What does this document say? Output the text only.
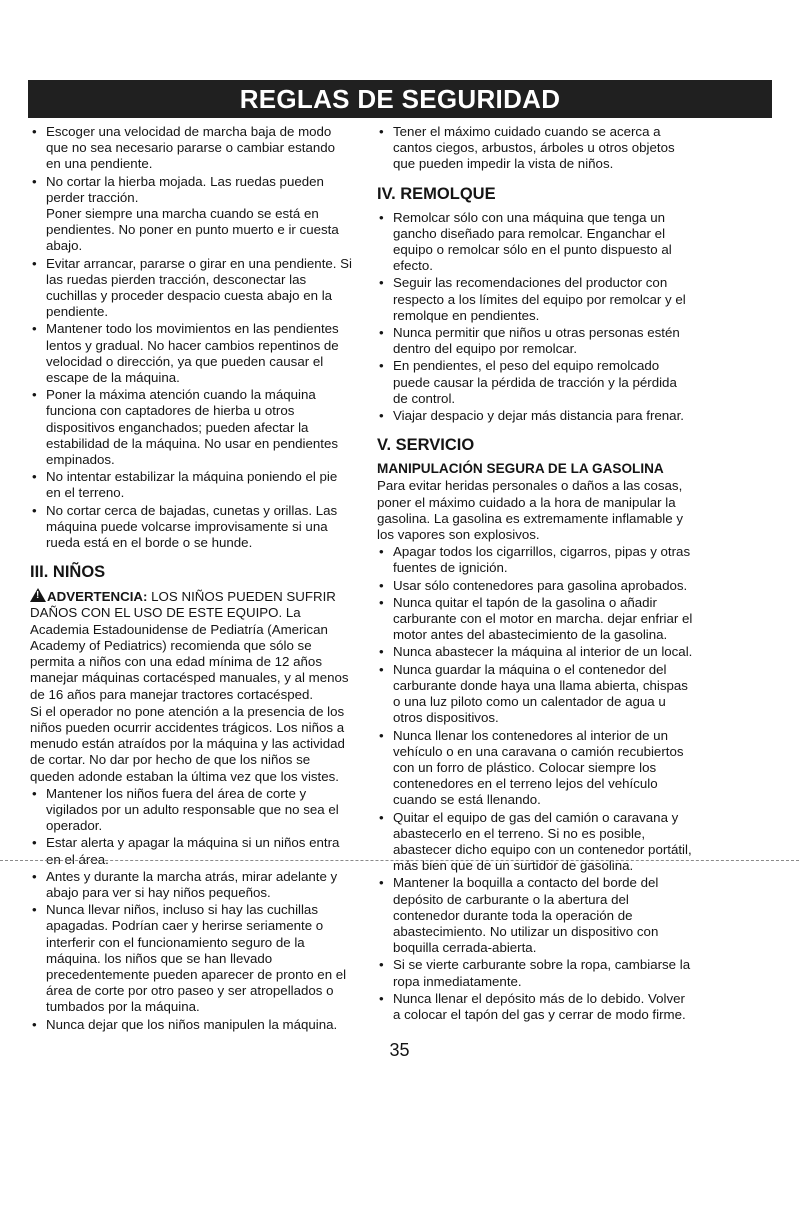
REGLAS DE SEGURIDAD

• Escoger una velocidad de marcha baja de modo que no sea necesario pararse o cambiar estando en una pendiente.

• No cortar la hierba mojada. Las ruedas pueden perder tracción.

Poner siempre una marcha cuando se está en pendientes. No poner en punto muerto e ir cuesta abajo.

• Evitar arrancar, pararse o girar en una pendiente. Si las ruedas pierden tracción, desconectar las cuchillas y proceder despacio cuesta abajo en la pendiente.

• Mantener todo los movimientos en las pendientes lentos y gradual. No hacer cambios repentinos de velocidad o dirección, ya que pueden causar el escape de la máquina.

• Poner la máxima atención cuando la máquina funciona con captadores de hierba u otros dispositivos enganchados; pueden afectar la estabilidad de la máquina. No usar en pendientes empinados.

• No intentar estabilizar la máquina poniendo el pie en el terreno.

• No cortar cerca de bajadas, cunetas y orillas. Las máquina puede volcarse improvisamente si una rueda está en el borde o se hunde.

III. NIÑOS

!ADVERTENCIA: LOS NIÑOS PUEDEN SUFRIR DAÑOS CON EL USO DE ESTE EQUIPO. La Academia Estadounidense de Pediatría (American Academy of Pediatrics) recomienda que sólo se permita a niños con una edad mínima de 12 años manejar máquinas cortacésped manuales, y al menos de 16 años para manejar tractores cortacésped.

Si el operador no pone atención a la presencia de los niños pueden ocurrir accidentes trágicos. Los niños a menudo están atraídos por la máquina y las actividad de cortar. No dar por hecho de que los niños se queden adonde estaban la última vez que los vistes.

• Mantener los niños fuera del área de corte y vigilados por un adulto responsable que no sea el operador.

• Estar alerta y apagar la máquina si un niños entra en el área.

• Antes y durante la marcha atrás, mirar adelante y abajo para ver si hay niños pequeños.

• Nunca llevar niños, incluso si hay las cuchillas apagadas. Podrían caer y herirse seriamente o interferir con el funcionamiento seguro de la máquina. los niños que se han llevado precedentemente pueden aparecer de pronto en el área de corte por otro paseo y ser atropellados o tumbados por la máquina.

• Nunca dejar que los niños manipulen la máquina.

• Tener el máximo cuidado cuando se acerca a cantos ciegos, arbustos, árboles u otros objetos que pueden impedir la vista de niños.

IV. REMOLQUE

• Remolcar sólo con una máquina que tenga un gancho diseñado para remolcar. Enganchar el equipo o remolcar sólo en el punto dispuesto al efecto.

• Seguir las recomendaciones del productor con respecto a los límites del equipo por remolcar y el remolque en pendientes.

• Nunca permitir que niños u otras personas estén dentro del equipo por remolcar.

• En pendientes, el peso del equipo remolcado puede causar la pérdida de tracción y la pérdida de control.

• Viajar despacio y dejar más distancia para frenar.

V. SERVICIO
MANIPULACIÓN SEGURA DE LA GASOLINA

Para evitar heridas personales o daños a las cosas, poner el máximo cuidado a la hora de manipular la gasolina. La gasolina es extremamente inflamable y los vapores son explosivos.

• Apagar todos los cigarrillos, cigarros, pipas y otras fuentes de ignición.

• Usar sólo contenedores para gasolina aprobados.

• Nunca quitar el tapón de la gasolina o añadir carburante con el motor en marcha. dejar enfriar el motor antes del abastecimiento de la gasolina.

• Nunca abastecer la máquina al interior de un local.

• Nunca guardar la máquina o el contenedor del carburante donde haya una llama abierta, chispas o una luz piloto como un calentador de agua u otros dispositivos.

• Nunca llenar los contenedores al interior de un vehículo o en una caravana o camión recubiertos con un forro de plástico. Colocar siempre los contenedores en el terreno lejos del vehículo cuando se está llenando.

• Quitar el equipo de gas del camión o caravana y abastecerlo en el terreno. Si no es posible, abastecer dicho equipo con un contenedor portátil, más bien que de un surtidor de gasolina.

• Mantener la boquilla a contacto del borde del depósito de carburante o la abertura del contenedor durante toda la operación de abastecimiento. No utilizar un dispositivo con boquilla cerrada-abierta.

• Si se vierte carburante sobre la ropa, cambiarse la ropa inmediatamente.

• Nunca llenar el depósito más de lo debido. Volver a colocar el tapón del gas y cerrar de modo firme.

35
